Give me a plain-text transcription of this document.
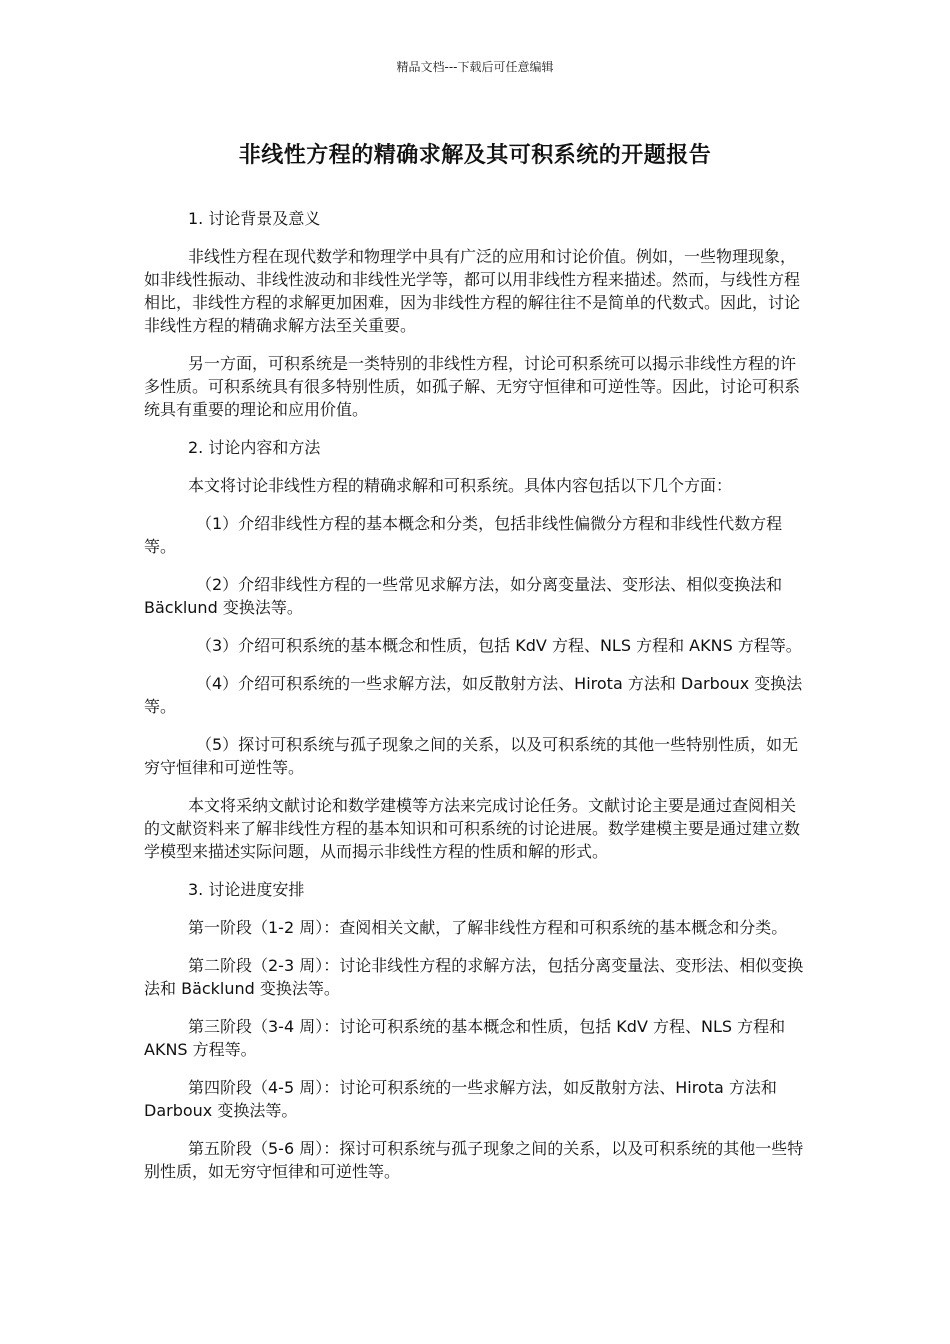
精品文档---下载后可任意编辑
非线性方程的精确求解及其可积系统的开题报告

1. 讨论背景及意义

非线性方程在现代数学和物理学中具有广泛的应用和讨论价值。例如，一些物理现象，如非线性振动、非线性波动和非线性光学等，都可以用非线性方程来描述。然而，与线性方程相比，非线性方程的求解更加困难，因为非线性方程的解往往不是简单的代数式。因此，讨论非线性方程的精确求解方法至关重要。

另一方面，可积系统是一类特别的非线性方程，讨论可积系统可以揭示非线性方程的许多性质。可积系统具有很多特别性质，如孤子解、无穷守恒律和可逆性等。因此，讨论可积系统具有重要的理论和应用价值。

2. 讨论内容和方法

本文将讨论非线性方程的精确求解和可积系统。具体内容包括以下几个方面：

（1）介绍非线性方程的基本概念和分类，包括非线性偏微分方程和非线性代数方程等。

（2）介绍非线性方程的一些常见求解方法，如分离变量法、变形法、相似变换法和 Bäcklund 变换法等。

（3）介绍可积系统的基本概念和性质，包括 KdV 方程、NLS 方程和 AKNS 方程等。

（4）介绍可积系统的一些求解方法，如反散射方法、Hirota 方法和 Darboux 变换法等。

（5）探讨可积系统与孤子现象之间的关系，以及可积系统的其他一些特别性质，如无穷守恒律和可逆性等。

本文将采纳文献讨论和数学建模等方法来完成讨论任务。文献讨论主要是通过查阅相关的文献资料来了解非线性方程的基本知识和可积系统的讨论进展。数学建模主要是通过建立数学模型来描述实际问题，从而揭示非线性方程的性质和解的形式。

3. 讨论进度安排

第一阶段（1-2 周）：查阅相关文献，了解非线性方程和可积系统的基本概念和分类。

第二阶段（2-3 周）：讨论非线性方程的求解方法，包括分离变量法、变形法、相似变换法和 Bäcklund 变换法等。

第三阶段（3-4 周）：讨论可积系统的基本概念和性质，包括 KdV 方程、NLS 方程和 AKNS 方程等。

第四阶段（4-5 周）：讨论可积系统的一些求解方法，如反散射方法、Hirota 方法和 Darboux 变换法等。

第五阶段（5-6 周）：探讨可积系统与孤子现象之间的关系，以及可积系统的其他一些特别性质，如无穷守恒律和可逆性等。
